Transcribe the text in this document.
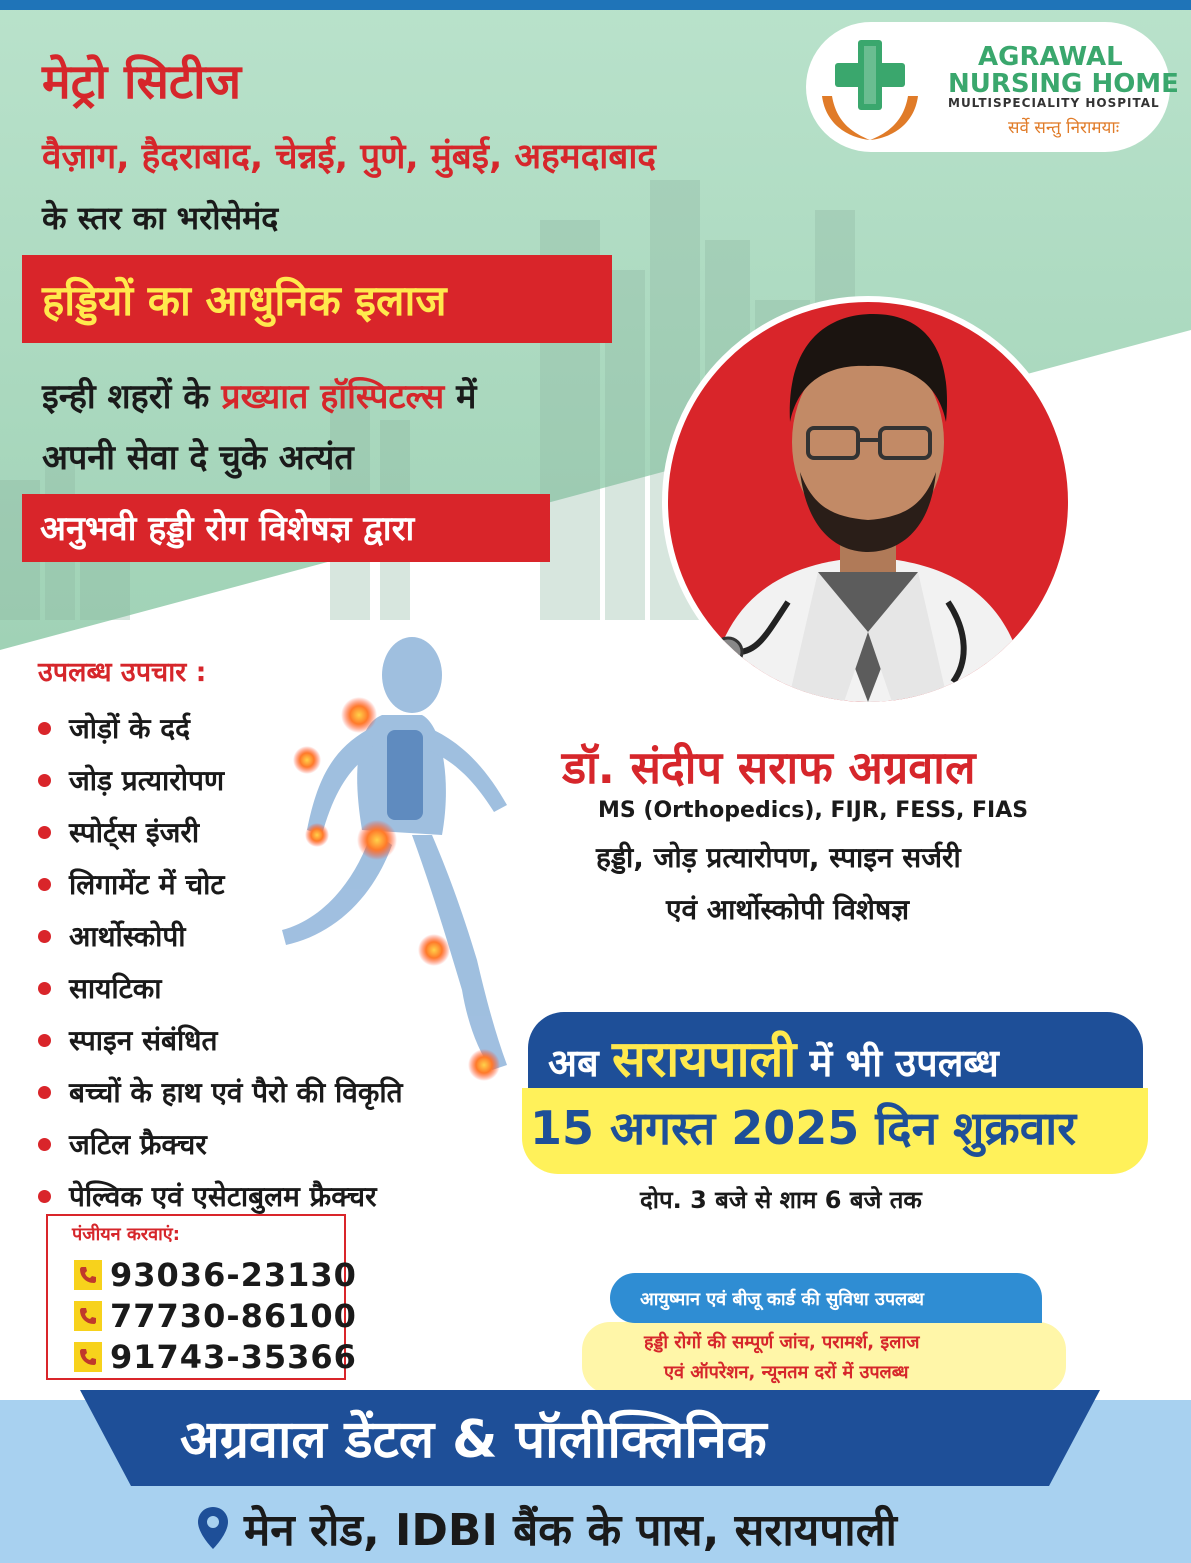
मेट्रो सिटीज
वैज़ाग, हैदराबाद, चेन्नई, पुणे, मुंबई, अहमदाबाद
के स्तर का भरोसेमंद
हड्डियों का आधुनिक इलाज
इन्ही शहरों के प्रख्यात हॉस्पिटल्स में
अपनी सेवा दे चुके अत्यंत
अनुभवी हड्डी रोग विशेषज्ञ द्वारा
AGRAWAL
NURSING HOME
MULTISPECIALITY HOSPITAL
सर्वे सन्तु निरामयाः
डॉ. संदीप सराफ अग्रवाल
MS (Orthopedics), FIJR, FESS, FIAS
हड्डी, जोड़ प्रत्यारोपण, स्पाइन सर्जरी
एवं आर्थोस्कोपी विशेषज्ञ
उपलब्ध उपचार :
जोड़ों के दर्द
जोड़ प्रत्यारोपण
स्पोर्ट्स इंजरी
लिगामेंट में चोट
आर्थोस्कोपी
सायटिका
स्पाइन संबंधित
बच्चों के हाथ एवं पैरो की विकृति
जटिल फ्रैक्चर
पेल्विक एवं एसेटाबुलम फ्रैक्चर
अब सरायपाली में भी उपलब्ध
15 अगस्त 2025 दिन शुक्रवार
दोप. 3 बजे से शाम 6 बजे तक
पंजीयन करवाएं:
93036-23130
77730-86100
91743-35366
आयुष्मान एवं बीजू कार्ड की सुविधा उपलब्ध
हड्डी रोगों की सम्पूर्ण जांच, परामर्श, इलाज
एवं ऑपरेशन, न्यूनतम दरों में उपलब्ध
अग्रवाल डेंटल & पॉलीक्लिनिक
मेन रोड, IDBI बैंक के पास, सरायपाली
